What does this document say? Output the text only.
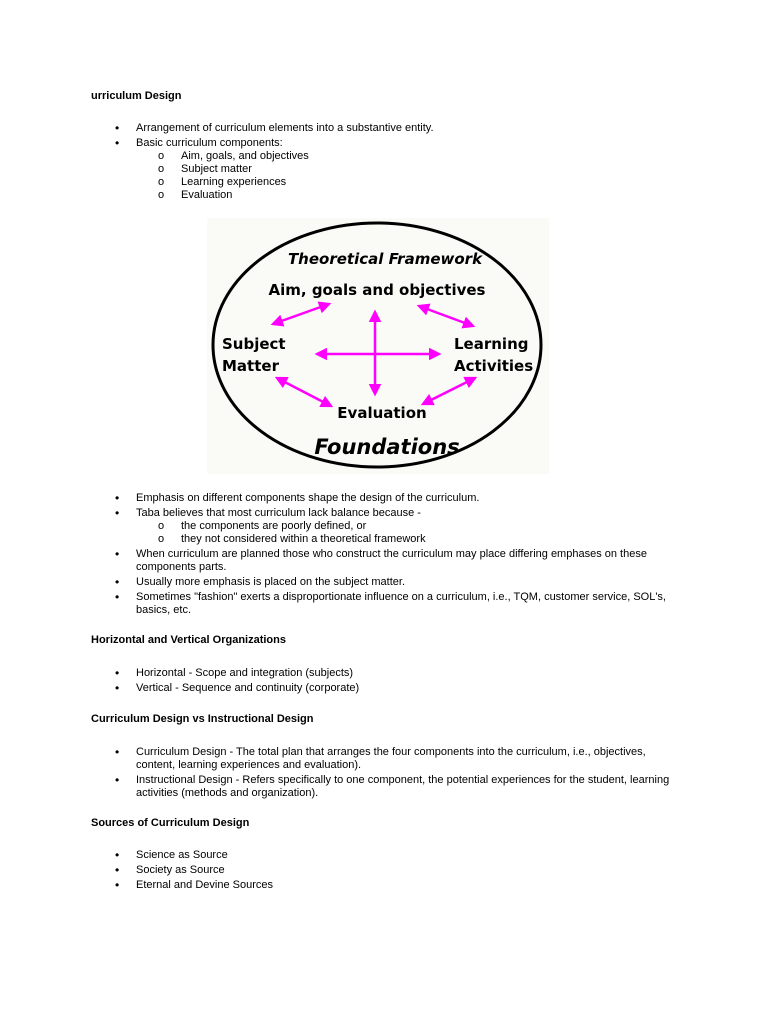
urriculum Design
• Arrangement of curriculum elements into a substantive entity.
• Basic curriculum components:
o Aim, goals, and objectives
o Subject matter
o Learning experiences
o Evaluation
Theoretical Framework
Aim, goals and objectives
Subject
Matter
Learning
Activities
Evaluation
Foundations
• Emphasis on different components shape the design of the curriculum.
• Taba believes that most curriculum lack balance because -
o the components are poorly defined, or
o they not considered within a theoretical framework
• When curriculum are planned those who construct the curriculum may place differing emphases on these components parts.
• Usually more emphasis is placed on the subject matter.
• Sometimes "fashion" exerts a disproportionate influence on a curriculum, i.e., TQM, customer service, SOL's, basics, etc.
Horizontal and Vertical Organizations
• Horizontal - Scope and integration (subjects)
• Vertical - Sequence and continuity (corporate)
Curriculum Design vs Instructional Design
• Curriculum Design - The total plan that arranges the four components into the curriculum, i.e., objectives, content, learning experiences and evaluation).
• Instructional Design - Refers specifically to one component, the potential experiences for the student, learning activities (methods and organization).
Sources of Curriculum Design
• Science as Source
• Society as Source
• Eternal and Devine Sources
